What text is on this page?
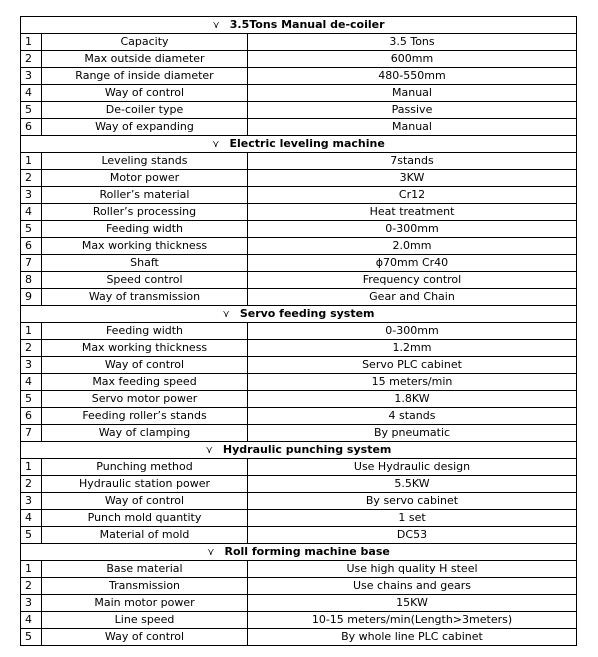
⋎ 3.5Tons Manual de-coiler
1	Capacity	3.5 Tons
2	Max outside diameter	600mm
3	Range of inside diameter	480-550mm
4	Way of control	Manual
5	De-coiler type	Passive
6	Way of expanding	Manual
⋎ Electric leveling machine
1	Leveling stands	7stands
2	Motor power	3KW
3	Roller’s material	Cr12
4	Roller’s processing	Heat treatment
5	Feeding width	0-300mm
6	Max working thickness	2.0mm
7	Shaft	ϕ70mm Cr40
8	Speed control	Frequency control
9	Way of transmission	Gear and Chain
⋎ Servo feeding system
1	Feeding width	0-300mm
2	Max working thickness	1.2mm
3	Way of control	Servo PLC cabinet
4	Max feeding speed	15 meters/min
5	Servo motor power	1.8KW
6	Feeding roller’s stands	4 stands
7	Way of clamping	By pneumatic
⋎ Hydraulic punching system
1	Punching method	Use Hydraulic design
2	Hydraulic station power	5.5KW
3	Way of control	By servo cabinet
4	Punch mold quantity	1 set
5	Material of mold	DC53
⋎ Roll forming machine base
1	Base material	Use high quality H steel
2	Transmission	Use chains and gears
3	Main motor power	15KW
4	Line speed	10-15 meters/min(Length>3meters)
5	Way of control	By whole line PLC cabinet
